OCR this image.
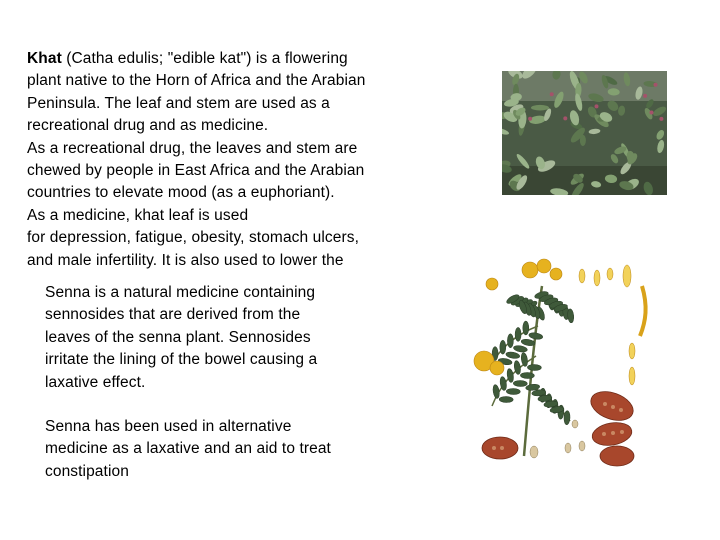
Khat (Catha edulis; "edible kat") is a flowering
plant native to the Horn of Africa and the Arabian
Peninsula. The leaf and stem are used as a
recreational drug and as medicine.
As a recreational drug, the leaves and stem are
chewed by people in East Africa and the Arabian
countries to elevate mood (as a euphoriant).
As a medicine, khat leaf is used
for depression, fatigue, obesity, stomach ulcers,
and male infertility. It is also used to lower the
Senna is a natural medicine containing
sennosides that are derived from the
leaves of the senna plant. Sennosides
irritate the lining of the bowel causing a
laxative effect.
Senna has been used in alternative
medicine as a laxative and an aid to treat
constipation
